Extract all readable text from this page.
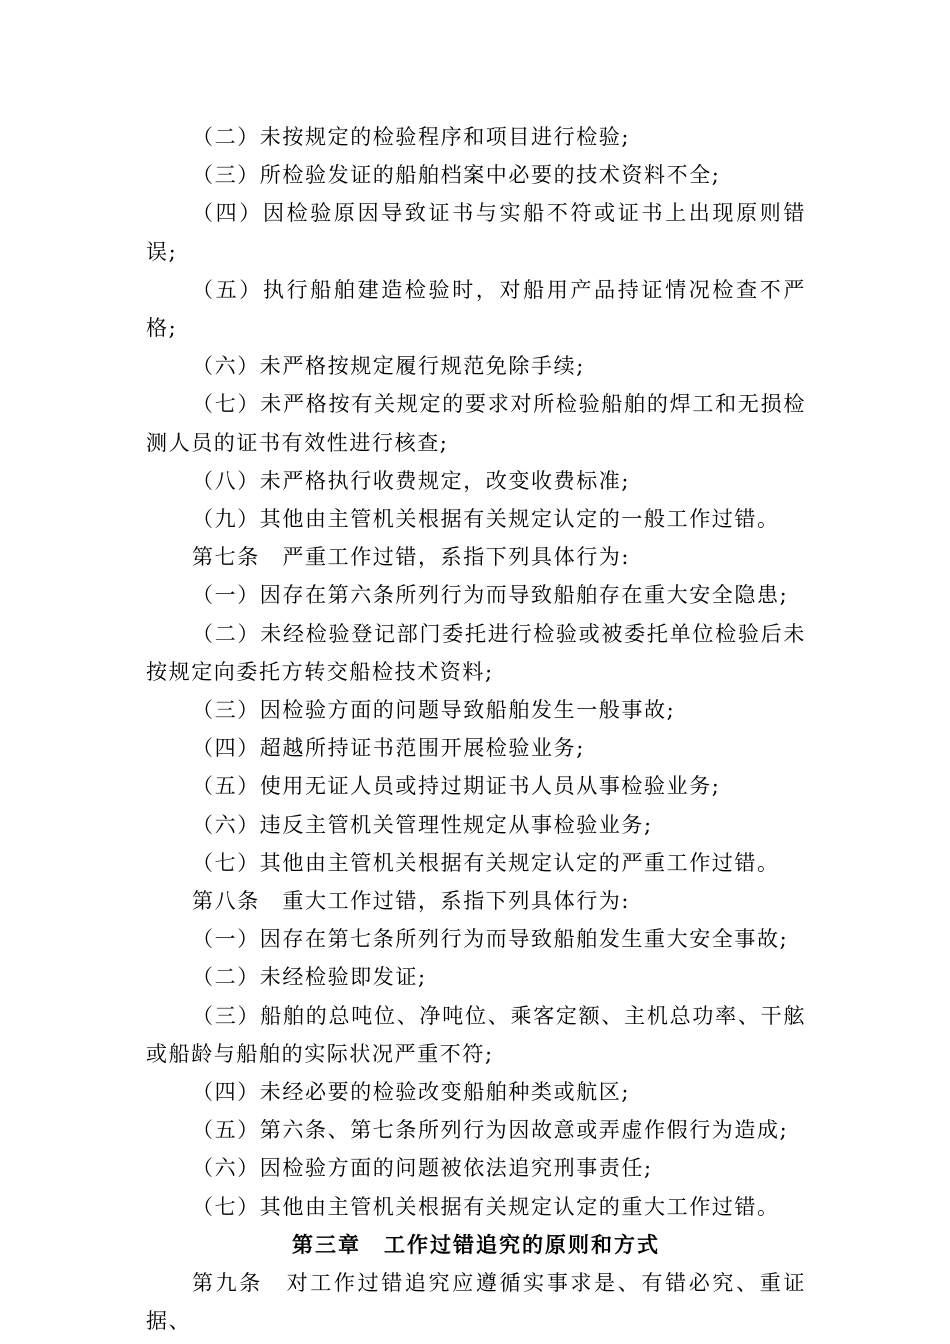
（二）未按规定的检验程序和项目进行检验;

（三）所检验发证的船舶档案中必要的技术资料不全;

（四）因检验原因导致证书与实船不符或证书上出现原则错误;

（五）执行船舶建造检验时，对船用产品持证情况检查不严格;

（六）未严格按规定履行规范免除手续;

（七）未严格按有关规定的要求对所检验船舶的焊工和无损检测人员的证书有效性进行核查;

（八）未严格执行收费规定，改变收费标准;

（九）其他由主管机关根据有关规定认定的一般工作过错。

第七条　严重工作过错，系指下列具体行为:

（一）因存在第六条所列行为而导致船舶存在重大安全隐患;

（二）未经检验登记部门委托进行检验或被委托单位检验后未按规定向委托方转交船检技术资料;

（三）因检验方面的问题导致船舶发生一般事故;

（四）超越所持证书范围开展检验业务;

（五）使用无证人员或持过期证书人员从事检验业务;

（六）违反主管机关管理性规定从事检验业务;

（七）其他由主管机关根据有关规定认定的严重工作过错。

第八条　重大工作过错，系指下列具体行为:

（一）因存在第七条所列行为而导致船舶发生重大安全事故;

（二）未经检验即发证;

（三）船舶的总吨位、净吨位、乘客定额、主机总功率、干舷或船龄与船舶的实际状况严重不符;

（四）未经必要的检验改变船舶种类或航区;

（五）第六条、第七条所列行为因故意或弄虚作假行为造成;

（六）因检验方面的问题被依法追究刑事责任;

（七）其他由主管机关根据有关规定认定的重大工作过错。

第三章　工作过错追究的原则和方式

第九条　对工作过错追究应遵循实事求是、有错必究、重证据、
